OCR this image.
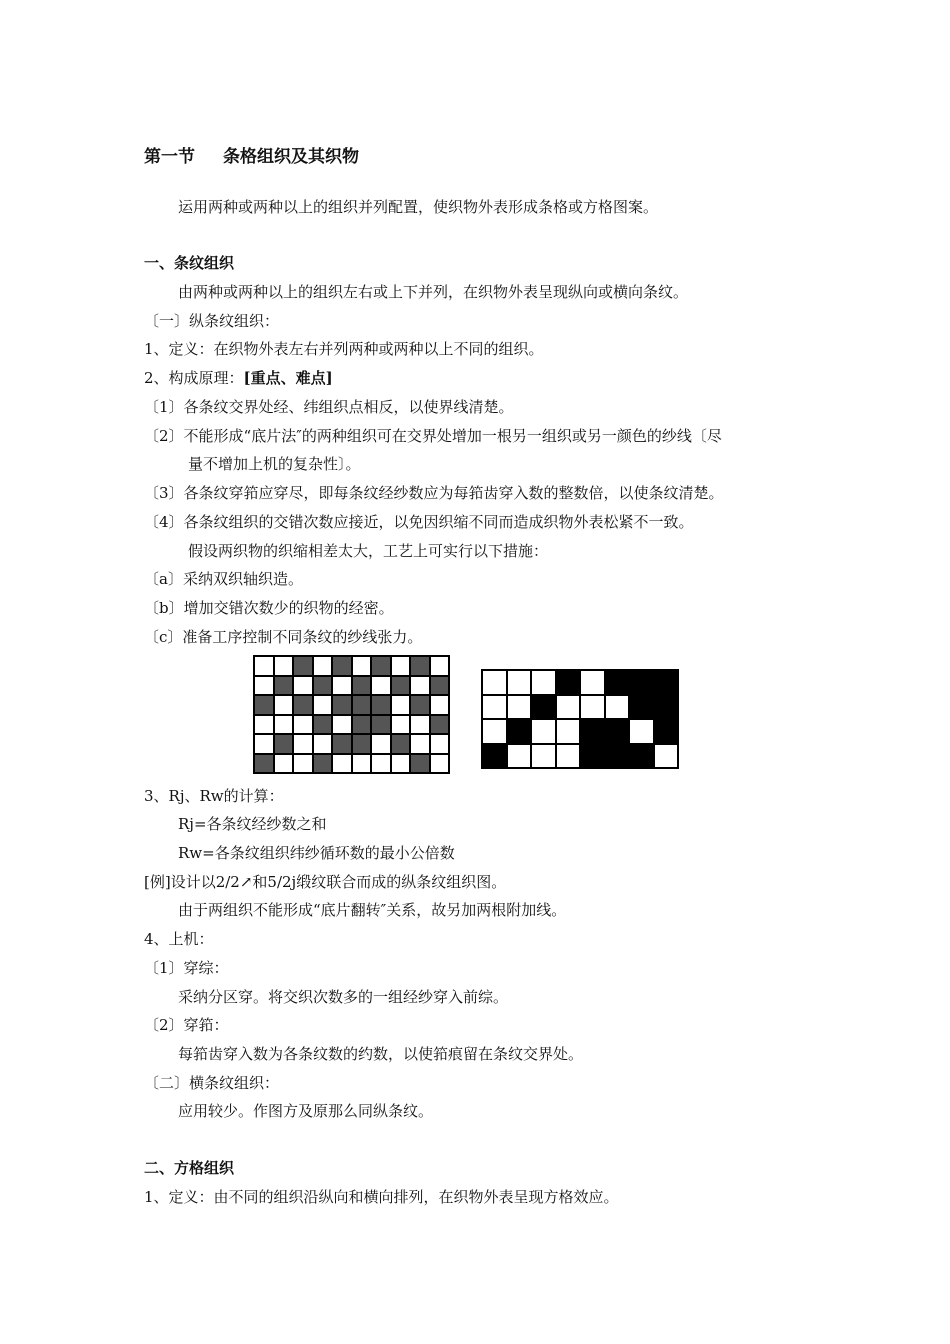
第一节 条格组织及其织物

运用两种或两种以上的组织并列配置，使织物外表形成条格或方格图案。

一、条纹组织

由两种或两种以上的组织左右或上下并列，在织物外表呈现纵向或横向条纹。

〔一〕纵条纹组织：

1、定义：在织物外表左右并列两种或两种以上不同的组织。

2、构成原理：[重点、难点]

〔1〕各条纹交界处经、纬组织点相反，以使界线清楚。

〔2〕不能形成“底片法″的两种组织可在交界处增加一根另一组织或另一颜色的纱线〔尽

量不增加上机的复杂性〕。

〔3〕各条纹穿筘应穿尽，即每条纹经纱数应为每筘齿穿入数的整数倍，以使条纹清楚。

〔4〕各条纹组织的交错次数应接近，以免因织缩不同而造成织物外表松紧不一致。

假设两织物的织缩相差太大，工艺上可实行以下措施：

〔a〕采纳双织轴织造。

〔b〕增加交错次数少的织物的经密。

〔c〕准备工序控制不同条纹的纱线张力。

3、Rj、Rw的计算：

Rj=各条纹经纱数之和

Rw=各条纹组织纬纱循环数的最小公倍数

[例]设计以2/2↗和5/2j缎纹联合而成的纵条纹组织图。

由于两组织不能形成“底片翻转″关系，故另加两根附加线。

4、上机：

〔1〕穿综：

采纳分区穿。将交织次数多的一组经纱穿入前综。

〔2〕穿筘：

每筘齿穿入数为各条纹数的约数，以使筘痕留在条纹交界处。

〔二〕横条纹组织：

应用较少。作图方及原那么同纵条纹。

二、方格组织

1、定义：由不同的组织沿纵向和横向排列，在织物外表呈现方格效应。
